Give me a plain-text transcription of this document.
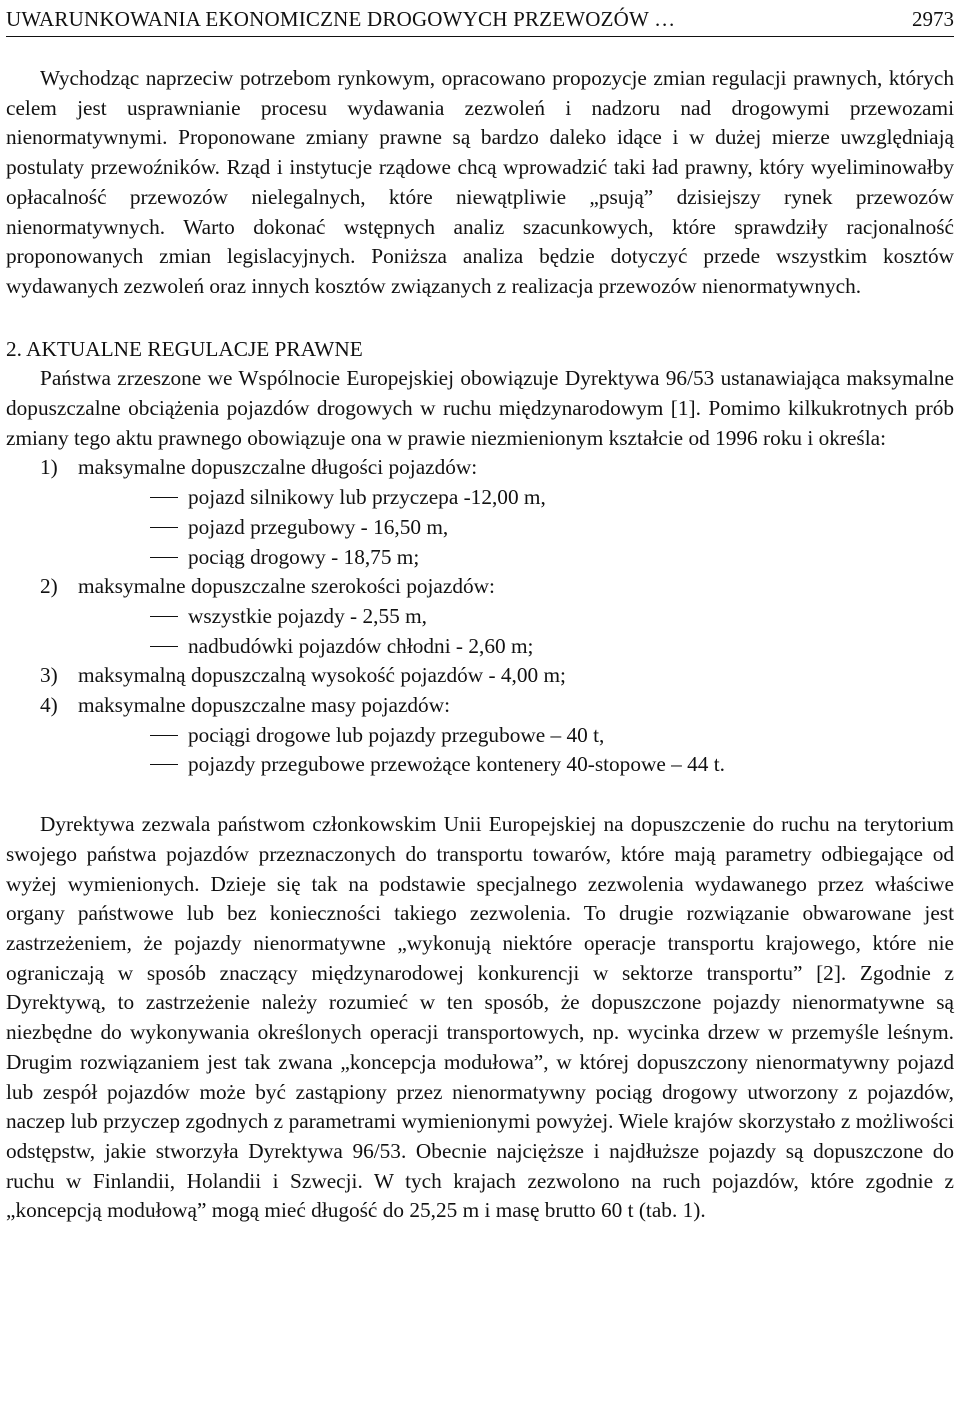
UWARUNKOWANIA EKONOMICZNE DROGOWYCH PRZEWOZÓW …	2973

Wychodząc naprzeciw potrzebom rynkowym, opracowano propozycje zmian regulacji prawnych, których celem jest usprawnianie procesu wydawania zezwoleń i nadzoru nad drogowymi przewozami nienormatywnymi. Proponowane zmiany prawne są bardzo daleko idące i w dużej mierze uwzględniają postulaty przewoźników. Rząd i instytucje rządowe chcą wprowadzić taki ład prawny, który wyeliminowałby opłacalność przewozów nielegalnych, które niewątpliwie „psują” dzisiejszy rynek przewozów nienormatywnych. Warto dokonać wstępnych analiz szacunkowych, które sprawdziły racjonalność proponowanych zmian legislacyjnych. Poniższa analiza będzie dotyczyć przede wszystkim kosztów wydawanych zezwoleń oraz innych kosztów związanych z realizacja przewozów nienormatywnych.

2. AKTUALNE REGULACJE PRAWNE

Państwa zrzeszone we Wspólnocie Europejskiej obowiązuje Dyrektywa 96/53 ustanawiająca maksymalne dopuszczalne obciążenia pojazdów drogowych w ruchu międzynarodowym [1]. Pomimo kilkukrotnych prób zmiany tego aktu prawnego obowiązuje ona w prawie niezmienionym kształcie od 1996 roku i określa:

1) maksymalne dopuszczalne długości pojazdów:
pojazd silnikowy lub przyczepa -12,00 m,
pojazd przegubowy - 16,50 m,
pociąg drogowy - 18,75 m;
2) maksymalne dopuszczalne szerokości pojazdów:
wszystkie pojazdy - 2,55 m,
nadbudówki pojazdów chłodni - 2,60 m;
3) maksymalną dopuszczalną wysokość pojazdów - 4,00 m;
4) maksymalne dopuszczalne masy pojazdów:
pociągi drogowe lub pojazdy przegubowe – 40 t,
pojazdy przegubowe przewożące kontenery 40-stopowe – 44 t.

Dyrektywa zezwala państwom członkowskim Unii Europejskiej na dopuszczenie do ruchu na terytorium swojego państwa pojazdów przeznaczonych do transportu towarów, które mają parametry odbiegające od wyżej wymienionych. Dzieje się tak na podstawie specjalnego zezwolenia wydawanego przez właściwe organy państwowe lub bez konieczności takiego zezwolenia. To drugie rozwiązanie obwarowane jest zastrzeżeniem, że pojazdy nienormatywne „wykonują niektóre operacje transportu krajowego, które nie ograniczają w sposób znaczący międzynarodowej konkurencji w sektorze transportu” [2]. Zgodnie z Dyrektywą, to zastrzeżenie należy rozumieć w ten sposób, że dopuszczone pojazdy nienormatywne są niezbędne do wykonywania określonych operacji transportowych, np. wycinka drzew w przemyśle leśnym. Drugim rozwiązaniem jest tak zwana „koncepcja modułowa”, w której dopuszczony nienormatywny pojazd lub zespół pojazdów może być zastąpiony przez nienormatywny pociąg drogowy utworzony z pojazdów, naczep lub przyczep zgodnych z parametrami wymienionymi powyżej. Wiele krajów skorzystało z możliwości odstępstw, jakie stworzyła Dyrektywa 96/53. Obecnie najcięższe i najdłuższe pojazdy są dopuszczone do ruchu w Finlandii, Holandii i Szwecji. W tych krajach zezwolono na ruch pojazdów, które zgodnie z „koncepcją modułową” mogą mieć długość do 25,25 m i masę brutto 60 t (tab. 1).
